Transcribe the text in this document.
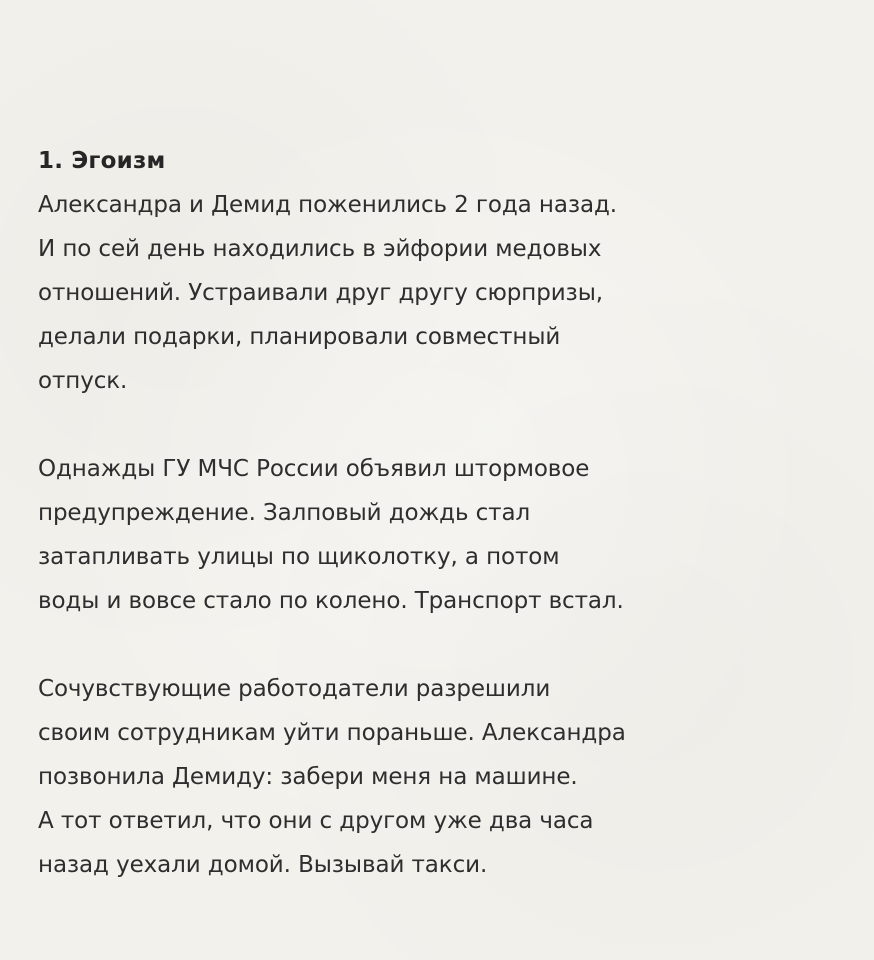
1. Эгоизм

Александра и Демид поженились 2 года назад.
И по сей день находились в эйфории медовых
отношений. Устраивали друг другу сюрпризы,
делали подарки, планировали совместный
отпуск.

Однажды ГУ МЧС России объявил штормовое
предупреждение. Залповый дождь стал
затапливать улицы по щиколотку, а потом
воды и вовсе стало по колено. Транспорт встал.

Сочувствующие работодатели разрешили
своим сотрудникам уйти пораньше. Александра
позвонила Демиду: забери меня на машине.
А тот ответил, что они с другом уже два часа
назад уехали домой. Вызывай такси.
